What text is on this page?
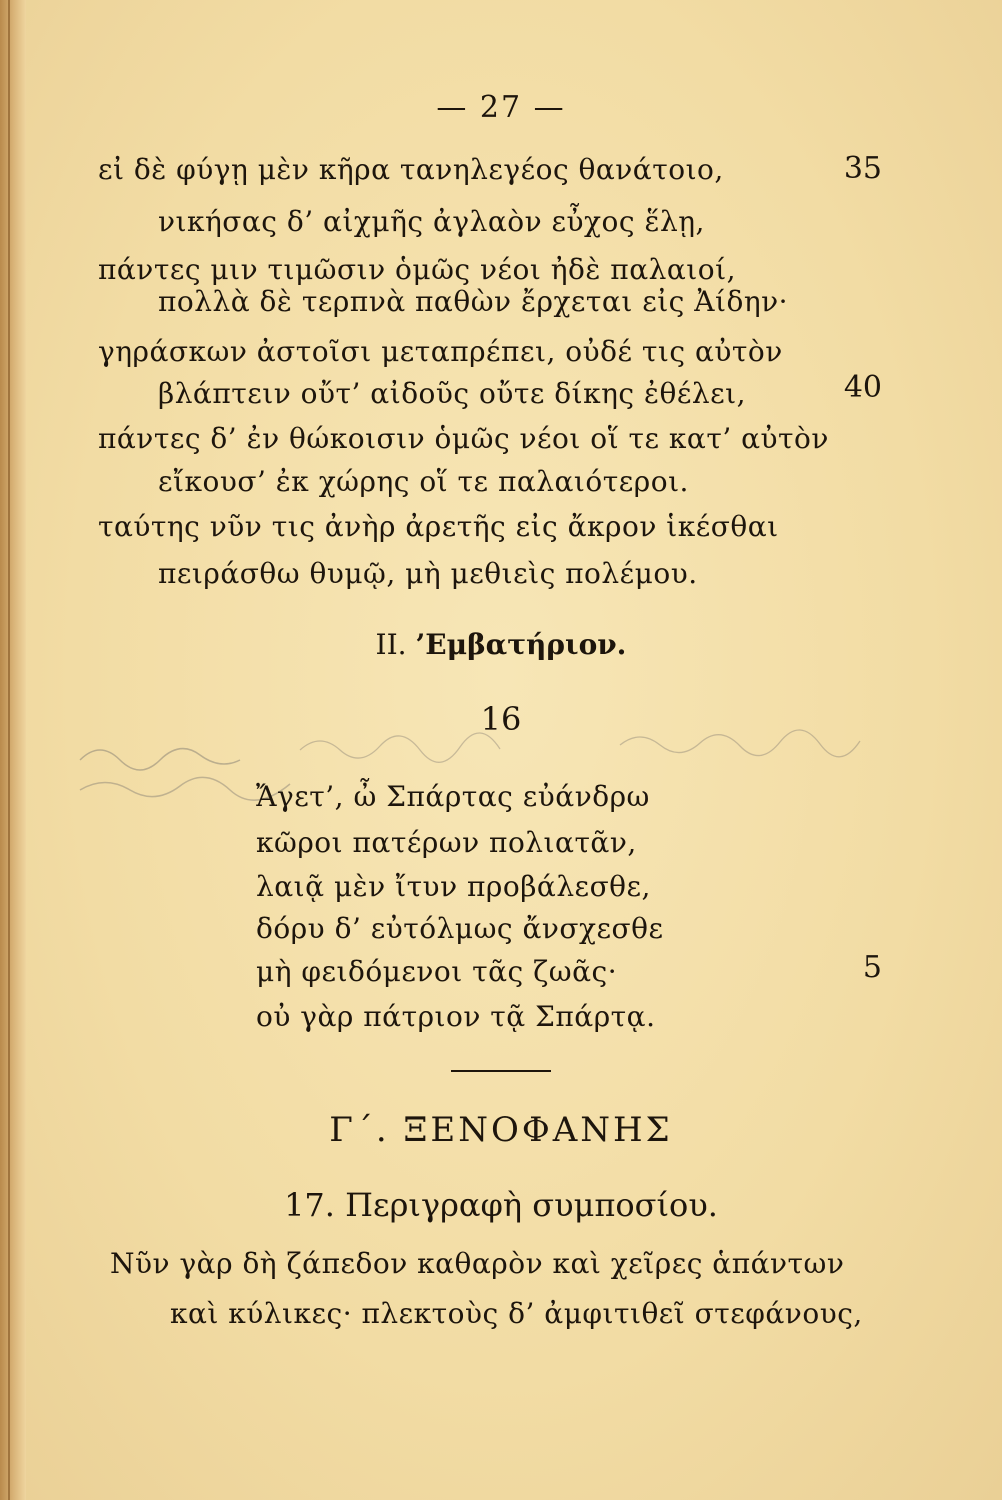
— 27 —
εἰ δὲ φύγῃ μὲν κῆρα τανηλεγέος θανάτοιο,	35
νικήσας δ’ αἰχμῆς ἀγλαὸν εὖχος ἕλῃ,
πάντες μιν τιμῶσιν ὁμῶς νέοι ἠδὲ παλαιοί,
πολλὰ δὲ τερπνὰ παθὼν ἔρχεται εἰς Ἀίδην·
γηράσκων ἀστοῖσι μεταπρέπει, οὐδέ τις αὐτὸν
βλάπτειν οὔτ’ αἰδοῦς οὔτε δίκης ἐθέλει,	40
πάντες δ’ ἐν θώκοισιν ὁμῶς νέοι οἵ τε κατ’ αὐτὸν
εἴκουσ’ ἐκ χώρης οἵ τε παλαιότεροι.
ταύτης νῦν τις ἀνὴρ ἀρετῆς εἰς ἄκρον ἱκέσθαι
πειράσθω θυμῷ, μὴ μεθιεὶς πολέμου.
II. ’Εμβατήριον.
16
Ἄγετ’, ὦ Σπάρτας εὐάνδρω
κῶροι πατέρων πολιατᾶν,
λαιᾷ μὲν ἴτυν προβάλεσθε,
δόρυ δ’ εὐτόλμως ἄνσχεσθε
μὴ φειδόμενοι τᾶς ζωᾶς·	5
οὐ γὰρ πάτριον τᾷ Σπάρτᾳ.
Γ΄. ΞΕΝΟΦΑΝΗΣ
17. Περιγραφὴ συμποσίου.
Νῦν γὰρ δὴ ζάπεδον καθαρὸν καὶ χεῖρες ἁπάντων
καὶ κύλικες· πλεκτοὺς δ’ ἀμφιτιθεῖ στεφάνους,
